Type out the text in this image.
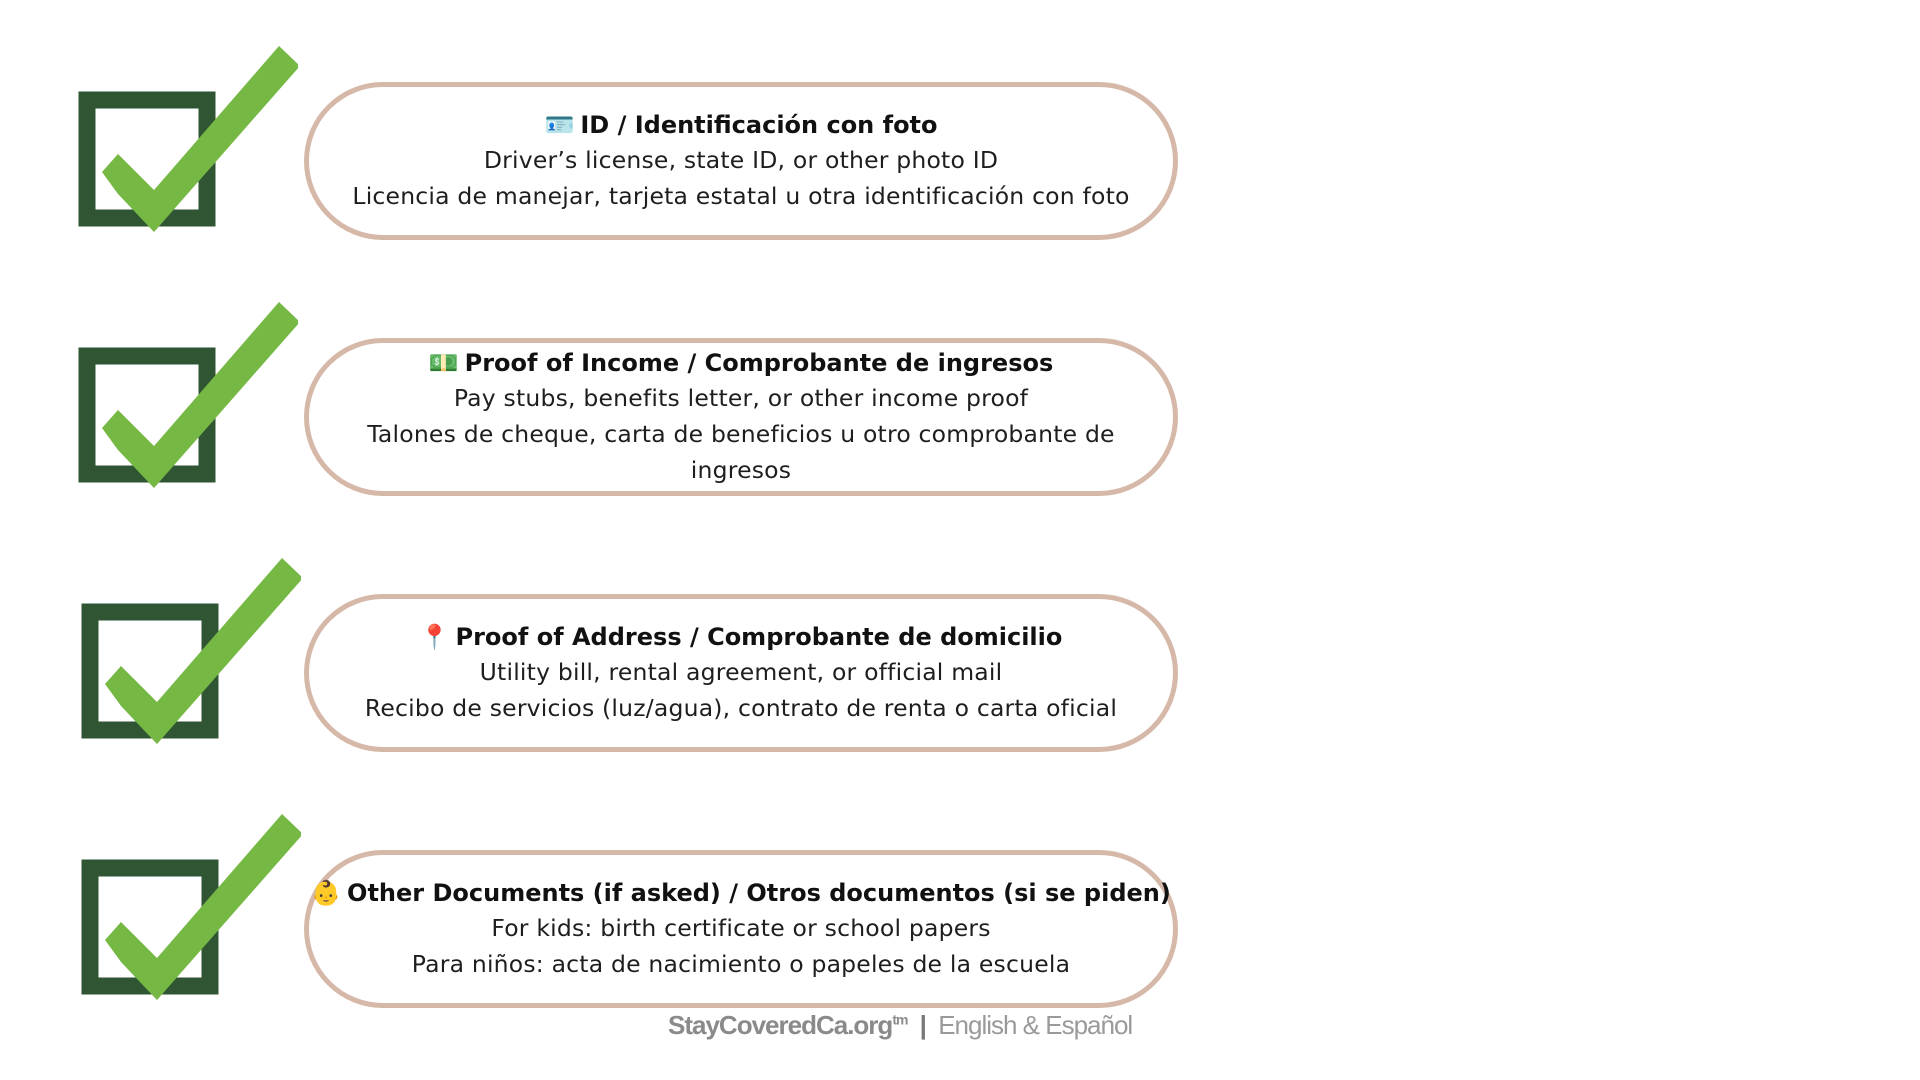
🪪 ID / Identificación con foto
Driver’s license, state ID, or other photo ID
Licencia de manejar, tarjeta estatal u otra identificación con foto
💵 Proof of Income / Comprobante de ingresos
Pay stubs, benefits letter, or other income proof
Talones de cheque, carta de beneficios u otro comprobante de ingresos
📍 Proof of Address / Comprobante de domicilio
Utility bill, rental agreement, or official mail
Recibo de servicios (luz/agua), contrato de renta o carta oficial
👶 Other Documents (if asked) / Otros documentos (si se piden)
For kids: birth certificate or school papers
Para niños: acta de nacimiento o papeles de la escuela
StayCoveredCa.org$^{tm}$ | English & Español
